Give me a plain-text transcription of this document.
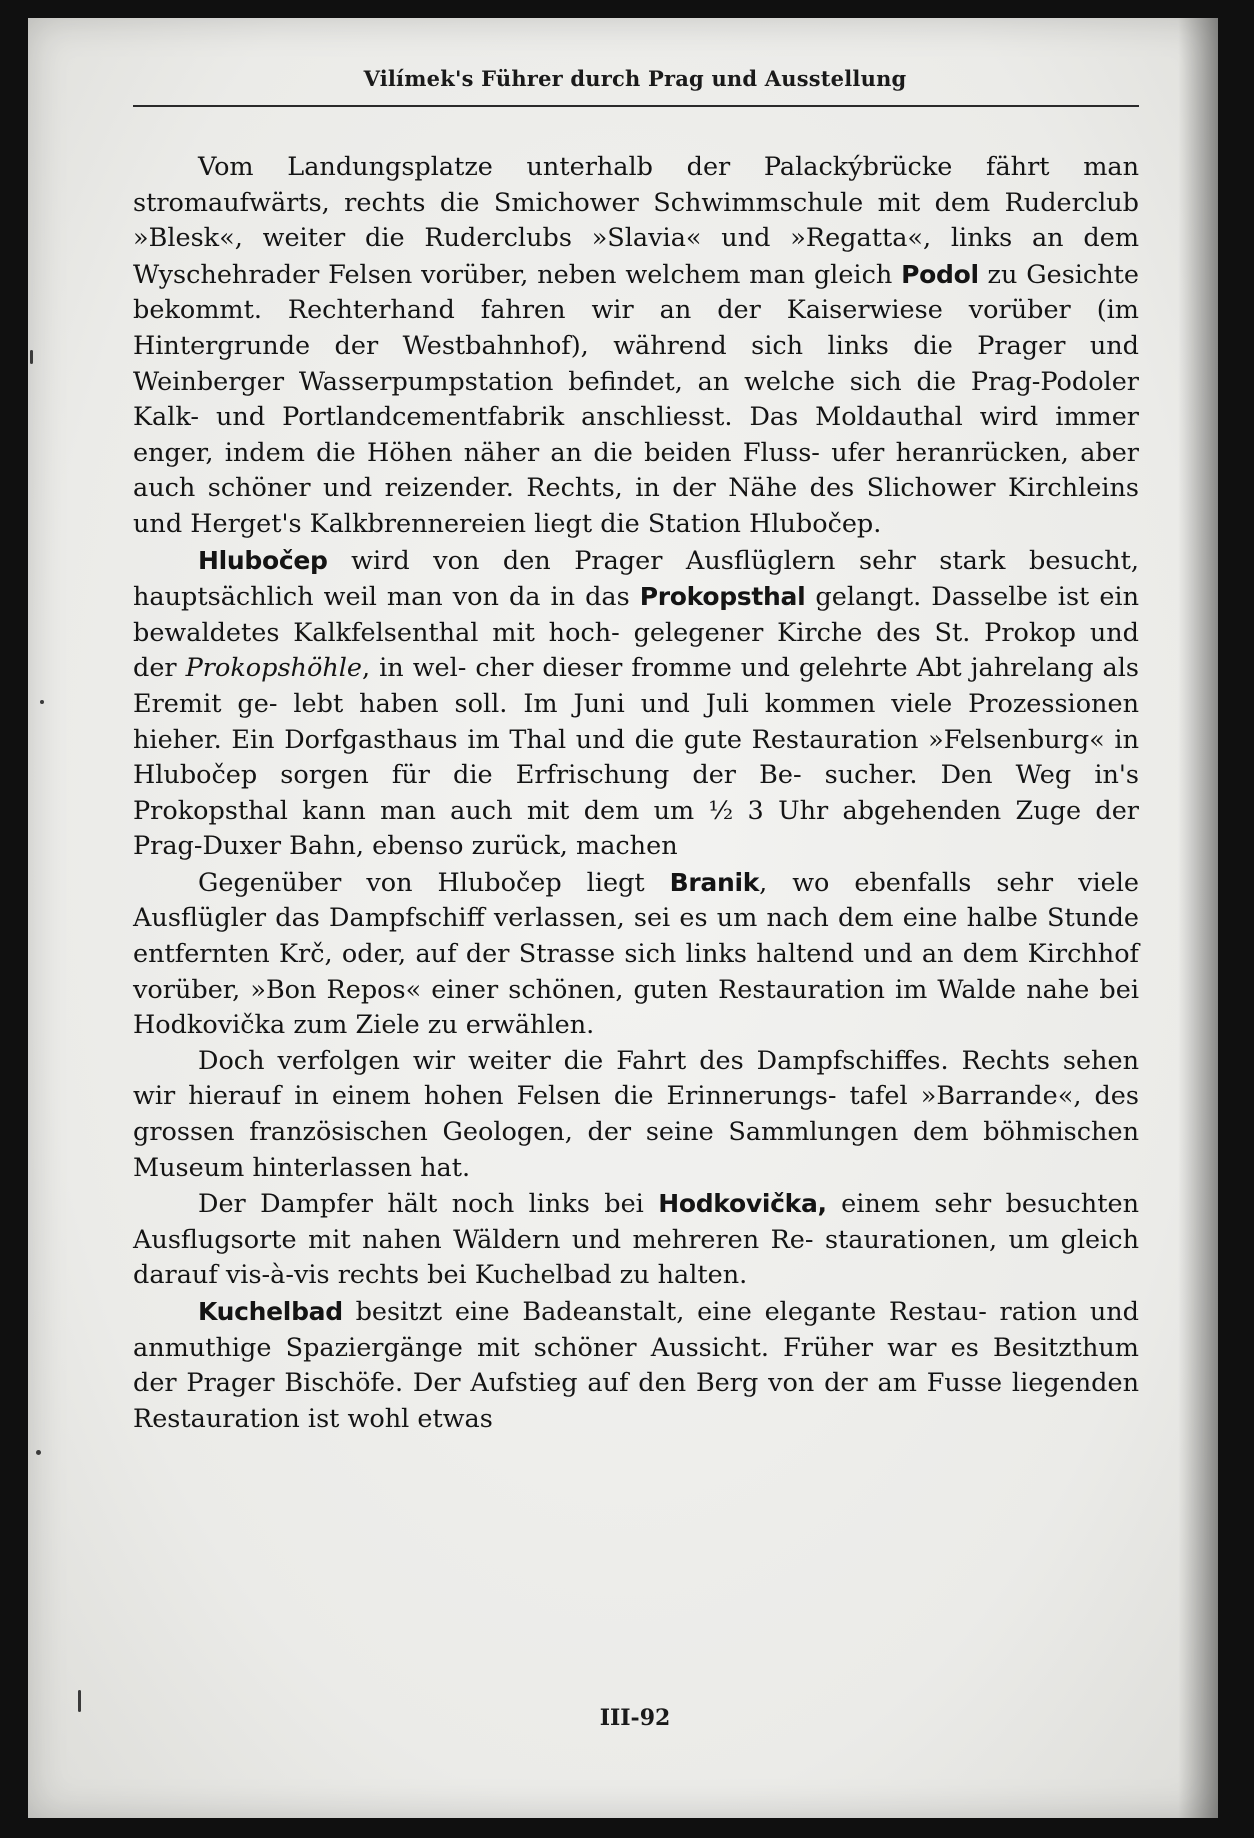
Vilímek's Führer durch Prag und Ausstellung

Vom Landungsplatze unterhalb der Palackýbrücke fährt man stromaufwärts, rechts die Smichower Schwimmschule mit dem Ruderclub »Blesk«, weiter die Ruderclubs »Slavia« und »Regatta«, links an dem Wyschehrader Felsen vorüber, neben welchem man gleich Podol zu Gesichte bekommt. Rechterhand fahren wir an der Kaiserwiese vorüber (im Hintergrunde der Westbahnhof), während sich links die Prager und Weinberger Wasserpumpstation befindet, an welche sich die Prag-Podoler Kalk- und Portlandcementfabrik anschliesst. Das Moldauthal wird immer enger, indem die Höhen näher an die beiden Fluss- ufer heranrücken, aber auch schöner und reizender. Rechts, in der Nähe des Slichower Kirchleins und Herget's Kalkbrennereien liegt die Station Hlubočep.

Hlubočep wird von den Prager Ausflüglern sehr stark besucht, hauptsächlich weil man von da in das Prokopsthal gelangt. Dasselbe ist ein bewaldetes Kalkfelsenthal mit hoch- gelegener Kirche des St. Prokop und der Prokopshöhle, in wel- cher dieser fromme und gelehrte Abt jahrelang als Eremit ge- lebt haben soll. Im Juni und Juli kommen viele Prozessionen hieher. Ein Dorfgasthaus im Thal und die gute Restauration »Felsenburg« in Hlubočep sorgen für die Erfrischung der Be- sucher. Den Weg in's Prokopsthal kann man auch mit dem um ½ 3 Uhr abgehenden Zuge der Prag-Duxer Bahn, ebenso zurück, machen

Gegenüber von Hlubočep liegt Branik, wo ebenfalls sehr viele Ausflügler das Dampfschiff verlassen, sei es um nach dem eine halbe Stunde entfernten Krč, oder, auf der Strasse sich links haltend und an dem Kirchhof vorüber, »Bon Repos« einer schönen, guten Restauration im Walde nahe bei Hodkovička zum Ziele zu erwählen.

Doch verfolgen wir weiter die Fahrt des Dampfschiffes. Rechts sehen wir hierauf in einem hohen Felsen die Erinnerungs- tafel »Barrande«, des grossen französischen Geologen, der seine Sammlungen dem böhmischen Museum hinterlassen hat.

Der Dampfer hält noch links bei Hodkovička, einem sehr besuchten Ausflugsorte mit nahen Wäldern und mehreren Re- staurationen, um gleich darauf vis-à-vis rechts bei Kuchelbad zu halten.

Kuchelbad besitzt eine Badeanstalt, eine elegante Restau- ration und anmuthige Spaziergänge mit schöner Aussicht. Früher war es Besitzthum der Prager Bischöfe. Der Aufstieg auf den Berg von der am Fusse liegenden Restauration ist wohl etwas

III-92
